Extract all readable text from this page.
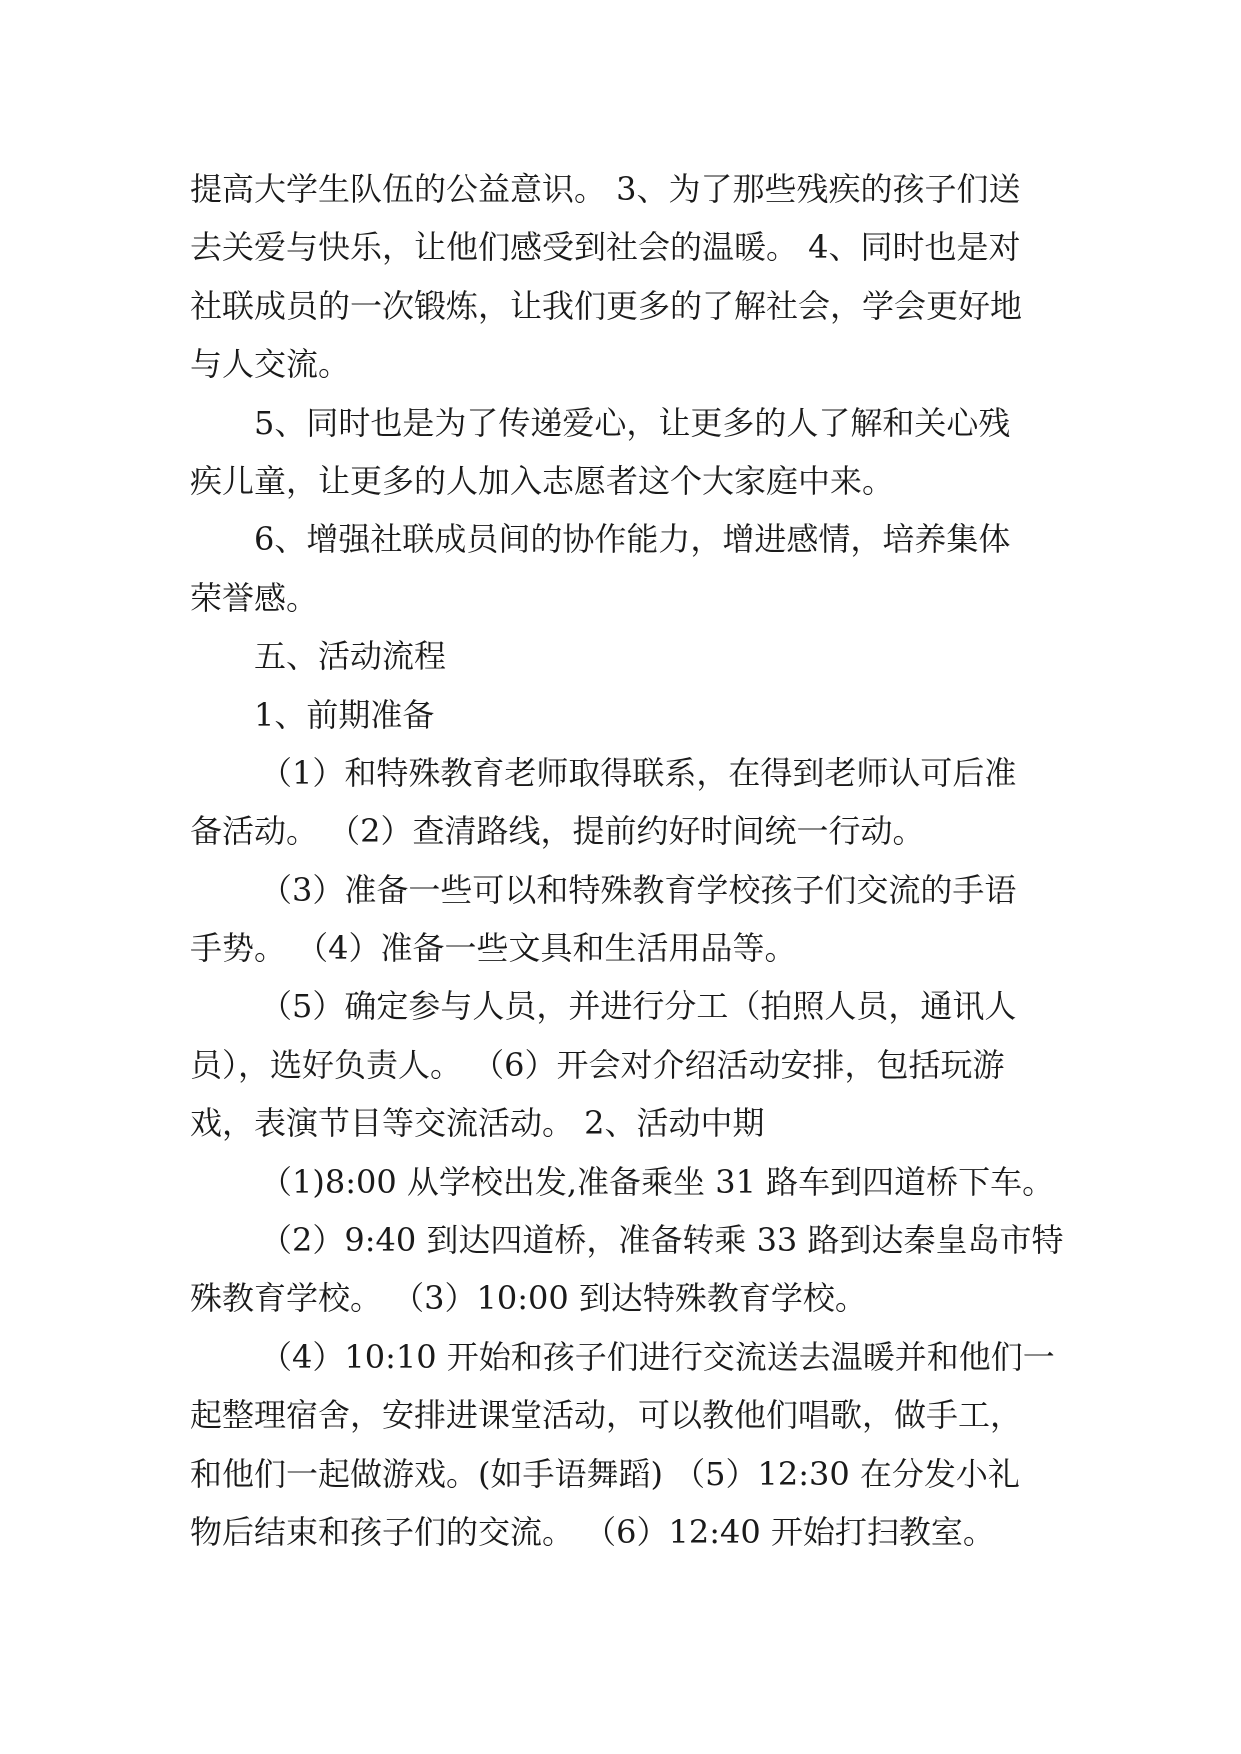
提高大学生队伍的公益意识。 3、为了那些残疾的孩子们送
去关爱与快乐，让他们感受到社会的温暖。 4、同时也是对
社联成员的一次锻炼，让我们更多的了解社会，学会更好地
与人交流。
5、同时也是为了传递爱心，让更多的人了解和关心残
疾儿童，让更多的人加入志愿者这个大家庭中来。
6、增强社联成员间的协作能力，增进感情，培养集体
荣誉感。
五、活动流程
1、前期准备
（1）和特殊教育老师取得联系，在得到老师认可后准
备活动。 （2）查清路线，提前约好时间统一行动。
（3）准备一些可以和特殊教育学校孩子们交流的手语
手势。 （4）准备一些文具和生活用品等。
（5）确定参与人员，并进行分工（拍照人员，通讯人
员），选好负责人。 （6）开会对介绍活动安排，包括玩游
戏，表演节目等交流活动。 2、活动中期
（1)8:00 从学校出发,准备乘坐 31 路车到四道桥下车。
（2）9:40 到达四道桥，准备转乘 33 路到达秦皇岛市特
殊教育学校。 （3）10:00 到达特殊教育学校。
（4）10:10 开始和孩子们进行交流送去温暖并和他们一
起整理宿舍，安排进课堂活动，可以教他们唱歌，做手工，
和他们一起做游戏。(如手语舞蹈) （5）12:30 在分发小礼
物后结束和孩子们的交流。 （6）12:40 开始打扫教室。
